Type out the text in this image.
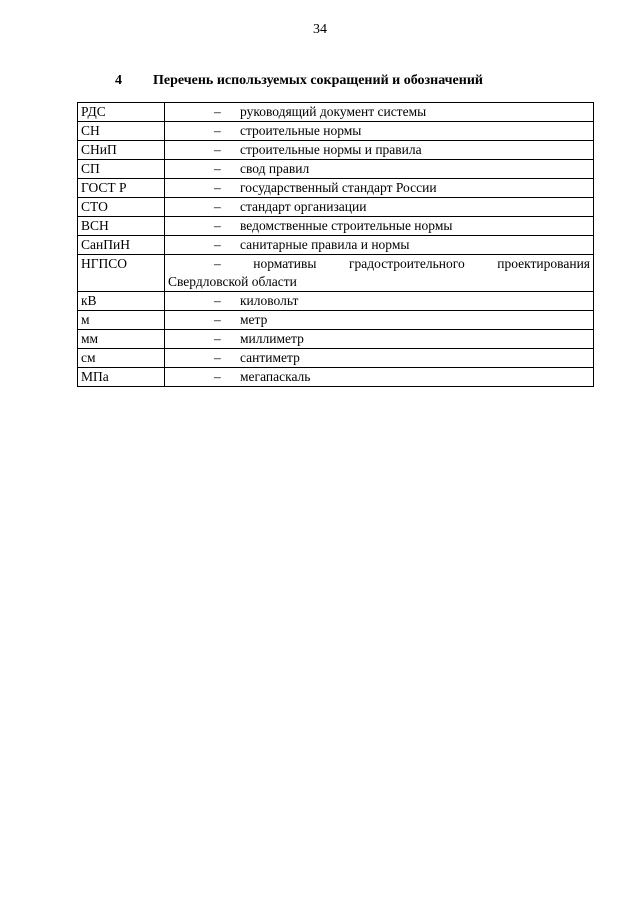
34
4 Перечень используемых сокращений и обозначений
РДС	– руководящий документ системы
СН	– строительные нормы
СНиП	– строительные нормы и правила
СП	– свод правил
ГОСТ Р	– государственный стандарт России
СТО	– стандарт организации
ВСН	– ведомственные строительные нормы
СанПиН	– санитарные правила и нормы
НГПСО	– нормативы градостроительного проектирования
Свердловской области

кВ	– киловольт
м	– метр
мм	– миллиметр
см	– сантиметр
МПа	– мегапаскаль
